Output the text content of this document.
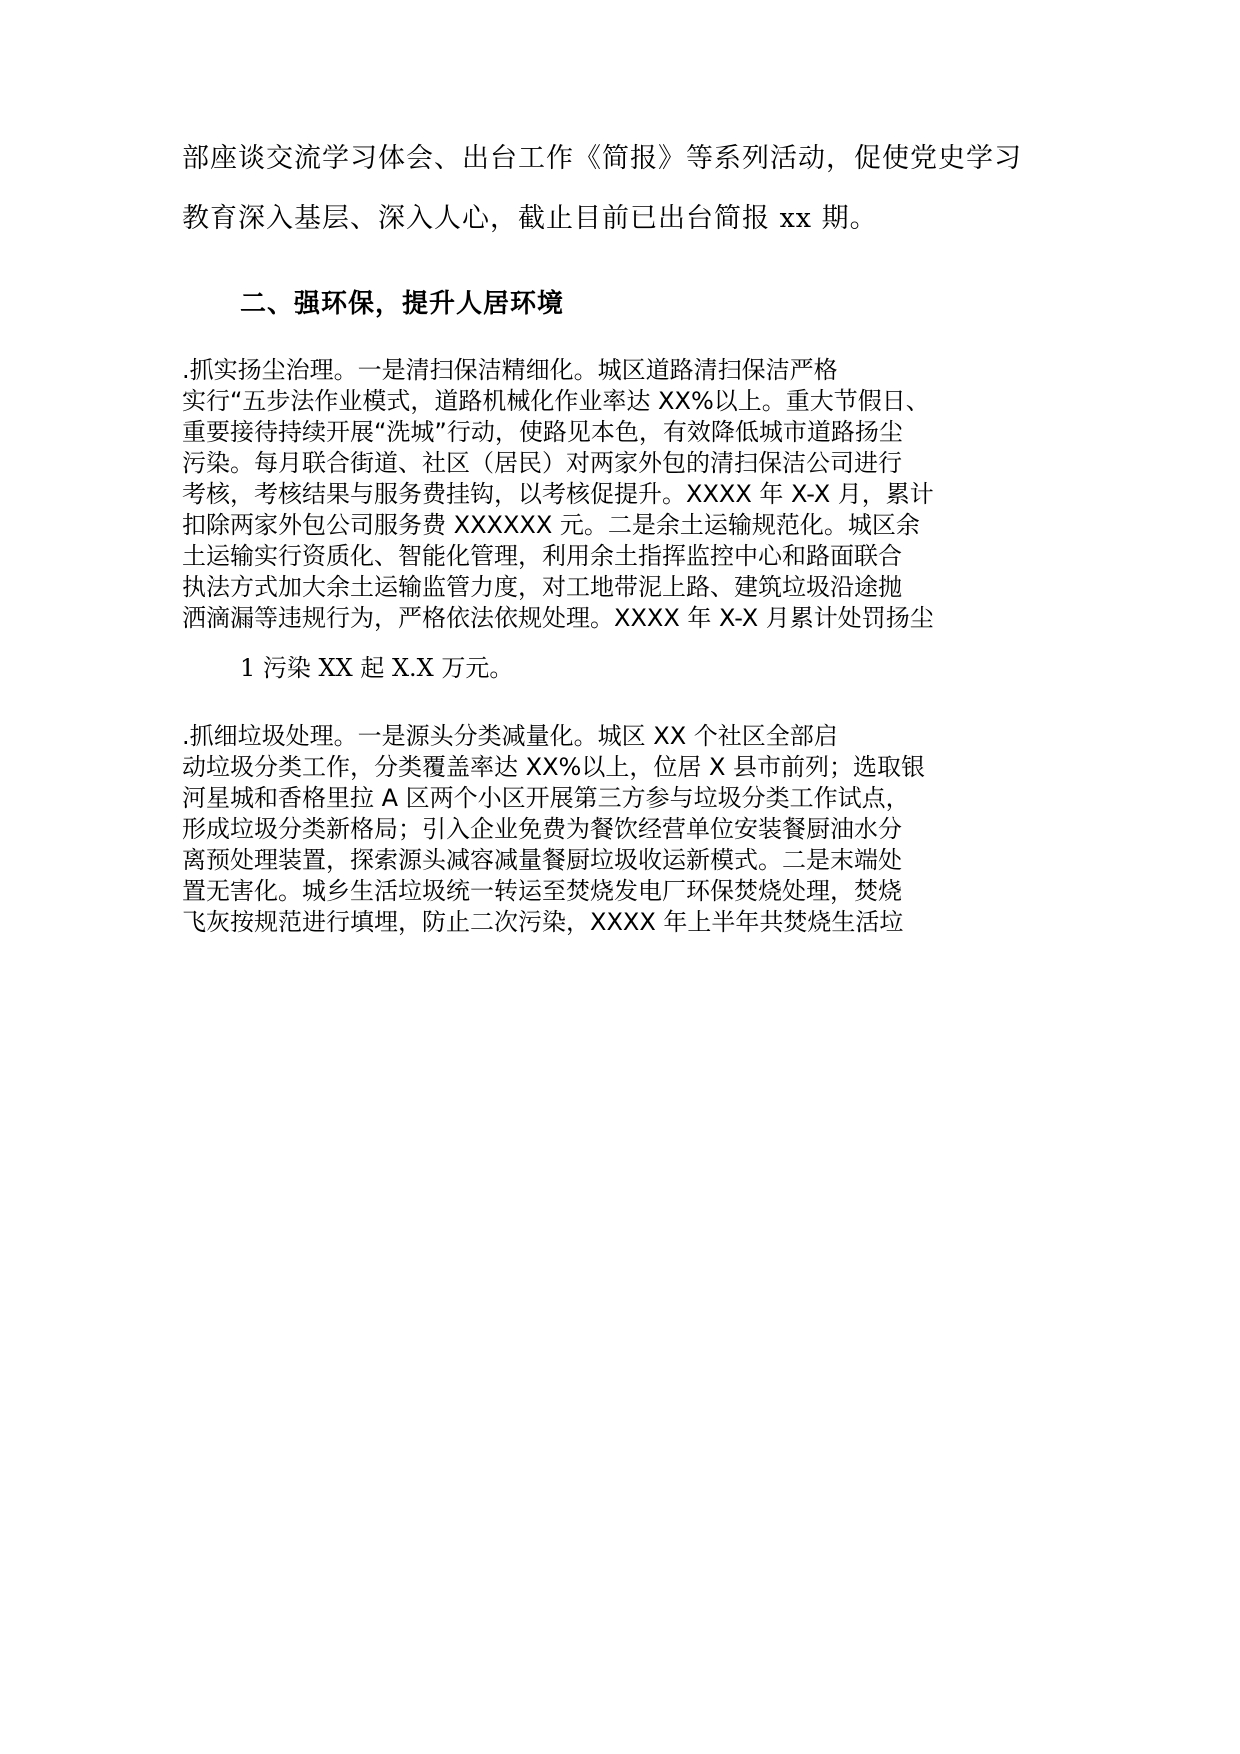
部座谈交流学习体会、出台工作《简报》等系列活动，促使党史学习

教育深入基层、深入人心，截止目前已出台简报 xx 期。

二、强环保，提升人居环境

.抓实扬尘治理。一是清扫保洁精细化。城区道路清扫保洁严格

实行“五步法作业模式，道路机械化作业率达 XX%以上。重大节假日、

重要接待持续开展“洗城”行动，使路见本色，有效降低城市道路扬尘

污染。每月联合街道、社区（居民）对两家外包的清扫保洁公司进行

考核，考核结果与服务费挂钩，以考核促提升。XXXX 年 X-X 月，累计

扣除两家外包公司服务费 XXXXXX 元。二是余土运输规范化。城区余

土运输实行资质化、智能化管理，利用余土指挥监控中心和路面联合

执法方式加大余土运输监管力度，对工地带泥上路、建筑垃圾沿途抛

洒滴漏等违规行为，严格依法依规处理。XXXX 年 X-X 月累计处罚扬尘

1 污染 XX 起 X.X 万元。

.抓细垃圾处理。一是源头分类减量化。城区 XX 个社区全部启

动垃圾分类工作，分类覆盖率达 XX%以上，位居 X 县市前列；选取银

河星城和香格里拉 A 区两个小区开展第三方参与垃圾分类工作试点，

形成垃圾分类新格局；引入企业免费为餐饮经营单位安装餐厨油水分

离预处理装置，探索源头减容减量餐厨垃圾收运新模式。二是末端处

置无害化。城乡生活垃圾统一转运至焚烧发电厂环保焚烧处理，焚烧

飞灰按规范进行填埋，防止二次污染，XXXX 年上半年共焚烧生活垃
